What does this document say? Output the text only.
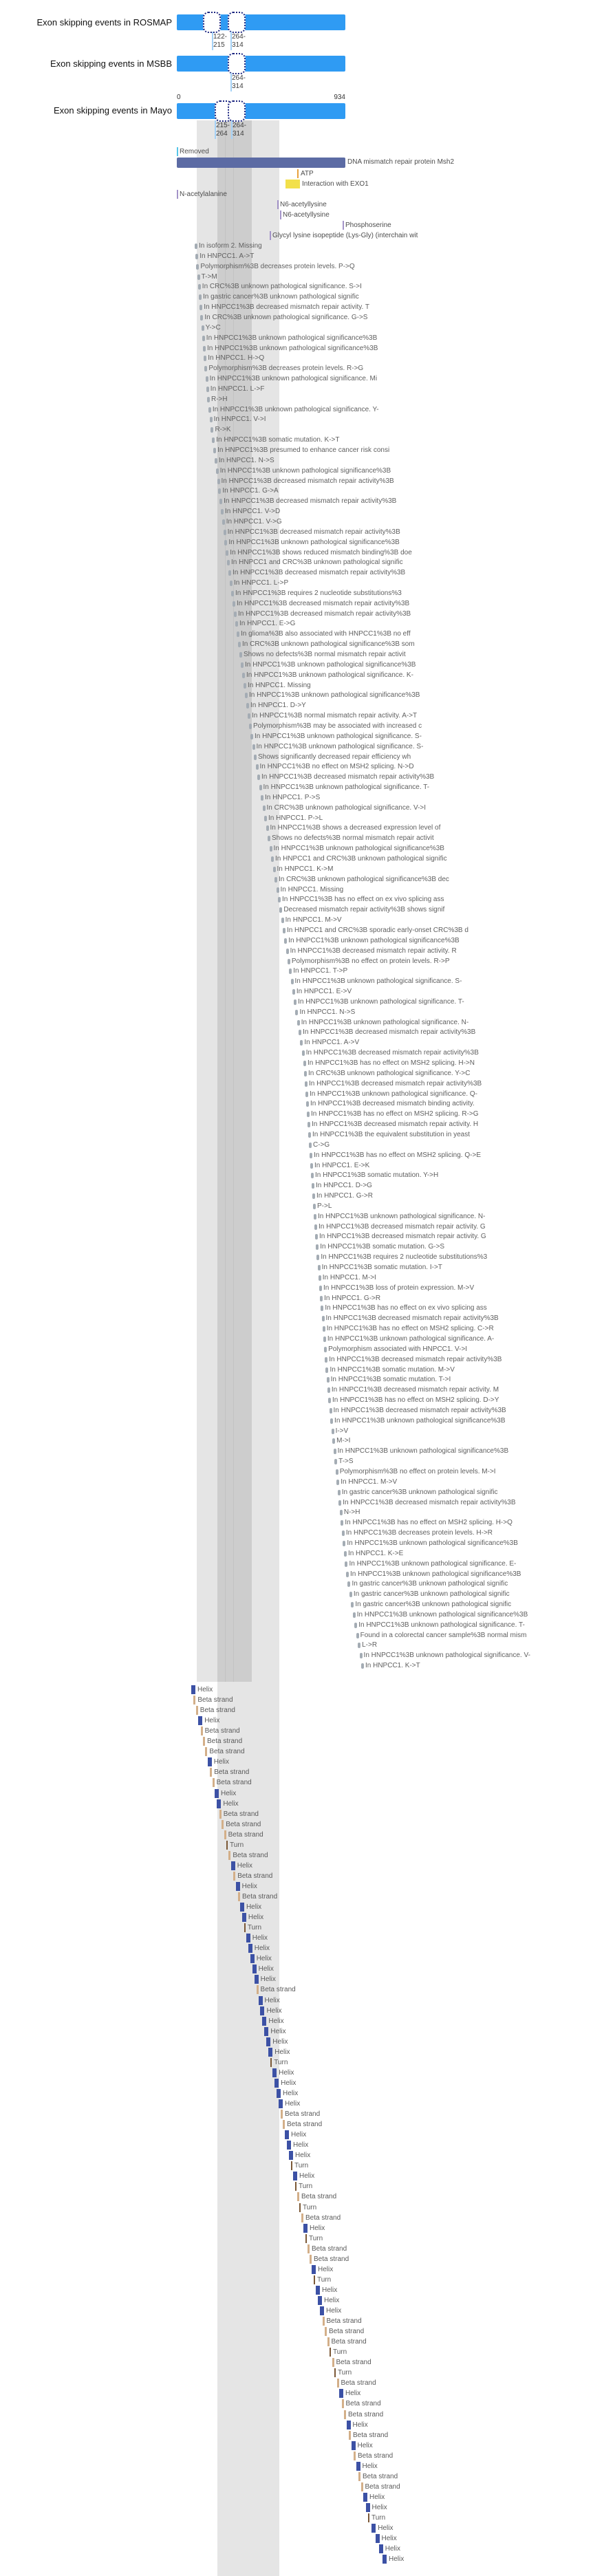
Exon skipping events in ROSMAP
122-
215
264-
314
Exon skipping events in MSBB
264-
314
Exon skipping events in Mayo
215-
264
264-
314
0	934
Removed
DNA mismatch repair protein Msh2
ATP
Interaction with EXO1
N-acetylalanine
N6-acetyllysine
N6-acetyllysine
Phosphoserine
Glycyl lysine isopeptide (Lys-Gly) (interchain wit
In isoform 2. Missing
In HNPCC1. A->T
Polymorphism%3B decreases protein levels. P->Q
T->M
In CRC%3B unknown pathological significance. S->I
In gastric cancer%3B unknown pathological signific
In HNPCC1%3B decreased mismatch repair activity. T
In CRC%3B unknown pathological significance. G->S
Y->C
In HNPCC1%3B unknown pathological significance%3B
In HNPCC1%3B unknown pathological significance%3B
In HNPCC1. H->Q
Polymorphism%3B decreases protein levels. R->G
In HNPCC1%3B unknown pathological significance. Mi
In HNPCC1. L->F
R->H
In HNPCC1%3B unknown pathological significance. Y-
In HNPCC1. V->I
R->K
In HNPCC1%3B somatic mutation. K->T
In HNPCC1%3B presumed to enhance cancer risk consi
In HNPCC1. N->S
In HNPCC1%3B unknown pathological significance%3B
In HNPCC1%3B decreased mismatch repair activity%3B
In HNPCC1. G->A
In HNPCC1%3B decreased mismatch repair activity%3B
In HNPCC1. V->D
In HNPCC1. V->G
In HNPCC1%3B decreased mismatch repair activity%3B
In HNPCC1%3B unknown pathological significance%3B
In HNPCC1%3B shows reduced mismatch binding%3B doe
In HNPCC1 and CRC%3B unknown pathological signific
In HNPCC1%3B decreased mismatch repair activity%3B
In HNPCC1. L->P
In HNPCC1%3B requires 2 nucleotide substitutions%3
In HNPCC1%3B decreased mismatch repair activity%3B
In HNPCC1%3B decreased mismatch repair activity%3B
In HNPCC1. E->G
In glioma%3B also associated with HNPCC1%3B no eff
In CRC%3B unknown pathological significance%3B som
Shows no defects%3B normal mismatch repair activit
In HNPCC1%3B unknown pathological significance%3B
In HNPCC1%3B unknown pathological significance. K-
In HNPCC1. Missing
In HNPCC1%3B unknown pathological significance%3B
In HNPCC1. D->Y
In HNPCC1%3B normal mismatch repair activity. A->T
Polymorphism%3B may be associated with increased c
In HNPCC1%3B unknown pathological significance. S-
In HNPCC1%3B unknown pathological significance. S-
Shows significantly decreased repair efficiency wh
In HNPCC1%3B no effect on MSH2 splicing. N->D
In HNPCC1%3B decreased mismatch repair activity%3B
In HNPCC1%3B unknown pathological significance. T-
In HNPCC1. P->S
In CRC%3B unknown pathological significance. V->I
In HNPCC1. P->L
In HNPCC1%3B shows a decreased expression level of
Shows no defects%3B normal mismatch repair activit
In HNPCC1%3B unknown pathological significance%3B
In HNPCC1 and CRC%3B unknown pathological signific
In HNPCC1. K->M
In CRC%3B unknown pathological significance%3B dec
In HNPCC1. Missing
In HNPCC1%3B has no effect on ex vivo splicing ass
Decreased mismatch repair activity%3B shows signif
In HNPCC1. M->V
In HNPCC1 and CRC%3B sporadic early-onset CRC%3B d
In HNPCC1%3B unknown pathological significance%3B
In HNPCC1%3B decreased mismatch repair activity. R
Polymorphism%3B no effect on protein levels. R->P
In HNPCC1. T->P
In HNPCC1%3B unknown pathological significance. S-
In HNPCC1. E->V
In HNPCC1%3B unknown pathological significance. T-
In HNPCC1. N->S
In HNPCC1%3B unknown pathological significance. N-
In HNPCC1%3B decreased mismatch repair activity%3B
In HNPCC1. A->V
In HNPCC1%3B decreased mismatch repair activity%3B
In HNPCC1%3B has no effect on MSH2 splicing. H->N
In CRC%3B unknown pathological significance. Y->C
In HNPCC1%3B decreased mismatch repair activity%3B
In HNPCC1%3B unknown pathological significance. Q-
In HNPCC1%3B decreased mismatch binding activity.
In HNPCC1%3B has no effect on MSH2 splicing. R->G
In HNPCC1%3B decreased mismatch repair activity. H
In HNPCC1%3B the equivalent substitution in yeast
C->G
In HNPCC1%3B has no effect on MSH2 splicing. Q->E
In HNPCC1. E->K
In HNPCC1%3B somatic mutation. Y->H
In HNPCC1. D->G
In HNPCC1. G->R
P->L
In HNPCC1%3B unknown pathological significance. N-
In HNPCC1%3B decreased mismatch repair activity. G
In HNPCC1%3B decreased mismatch repair activity. G
In HNPCC1%3B somatic mutation. G->S
In HNPCC1%3B requires 2 nucleotide substitutions%3
In HNPCC1%3B somatic mutation. I->T
In HNPCC1. M->I
In HNPCC1%3B loss of protein expression. M->V
In HNPCC1. G->R
In HNPCC1%3B has no effect on ex vivo splicing ass
In HNPCC1%3B decreased mismatch repair activity%3B
In HNPCC1%3B has no effect on MSH2 splicing. C->R
In HNPCC1%3B unknown pathological significance. A-
Polymorphism associated with HNPCC1. V->I
In HNPCC1%3B decreased mismatch repair activity%3B
In HNPCC1%3B somatic mutation. M->V
In HNPCC1%3B somatic mutation. T->I
In HNPCC1%3B decreased mismatch repair activity. M
In HNPCC1%3B has no effect on MSH2 splicing. D->Y
In HNPCC1%3B decreased mismatch repair activity%3B
In HNPCC1%3B unknown pathological significance%3B
I->V
M->I
In HNPCC1%3B unknown pathological significance%3B
T->S
Polymorphism%3B no effect on protein levels. M->I
In HNPCC1. M->V
In gastric cancer%3B unknown pathological signific
In HNPCC1%3B decreased mismatch repair activity%3B
N->H
In HNPCC1%3B has no effect on MSH2 splicing. H->Q
In HNPCC1%3B decreases protein levels. H->R
In HNPCC1%3B unknown pathological significance%3B
In HNPCC1. K->E
In HNPCC1%3B unknown pathological significance. E-
In HNPCC1%3B unknown pathological significance%3B
In gastric cancer%3B unknown pathological signific
In gastric cancer%3B unknown pathological signific
In gastric cancer%3B unknown pathological signific
In HNPCC1%3B unknown pathological significance%3B
In HNPCC1%3B unknown pathological significance. T-
Found in a colorectal cancer sample%3B normal mism
L->R
In HNPCC1%3B unknown pathological significance. V-
In HNPCC1. K->T
Helix
Beta strand
Beta strand
Helix
Beta strand
Beta strand
Beta strand
Helix
Beta strand
Beta strand
Helix
Helix
Beta strand
Beta strand
Beta strand
Turn
Beta strand
Helix
Beta strand
Helix
Beta strand
Helix
Helix
Turn
Helix
Helix
Helix
Helix
Helix
Beta strand
Helix
Helix
Helix
Helix
Helix
Helix
Turn
Helix
Helix
Helix
Helix
Beta strand
Beta strand
Helix
Helix
Helix
Turn
Helix
Turn
Beta strand
Turn
Beta strand
Helix
Turn
Beta strand
Beta strand
Helix
Turn
Helix
Helix
Helix
Beta strand
Beta strand
Beta strand
Turn
Beta strand
Turn
Beta strand
Helix
Beta strand
Beta strand
Helix
Beta strand
Helix
Beta strand
Helix
Beta strand
Beta strand
Helix
Helix
Turn
Helix
Helix
Helix
Helix
